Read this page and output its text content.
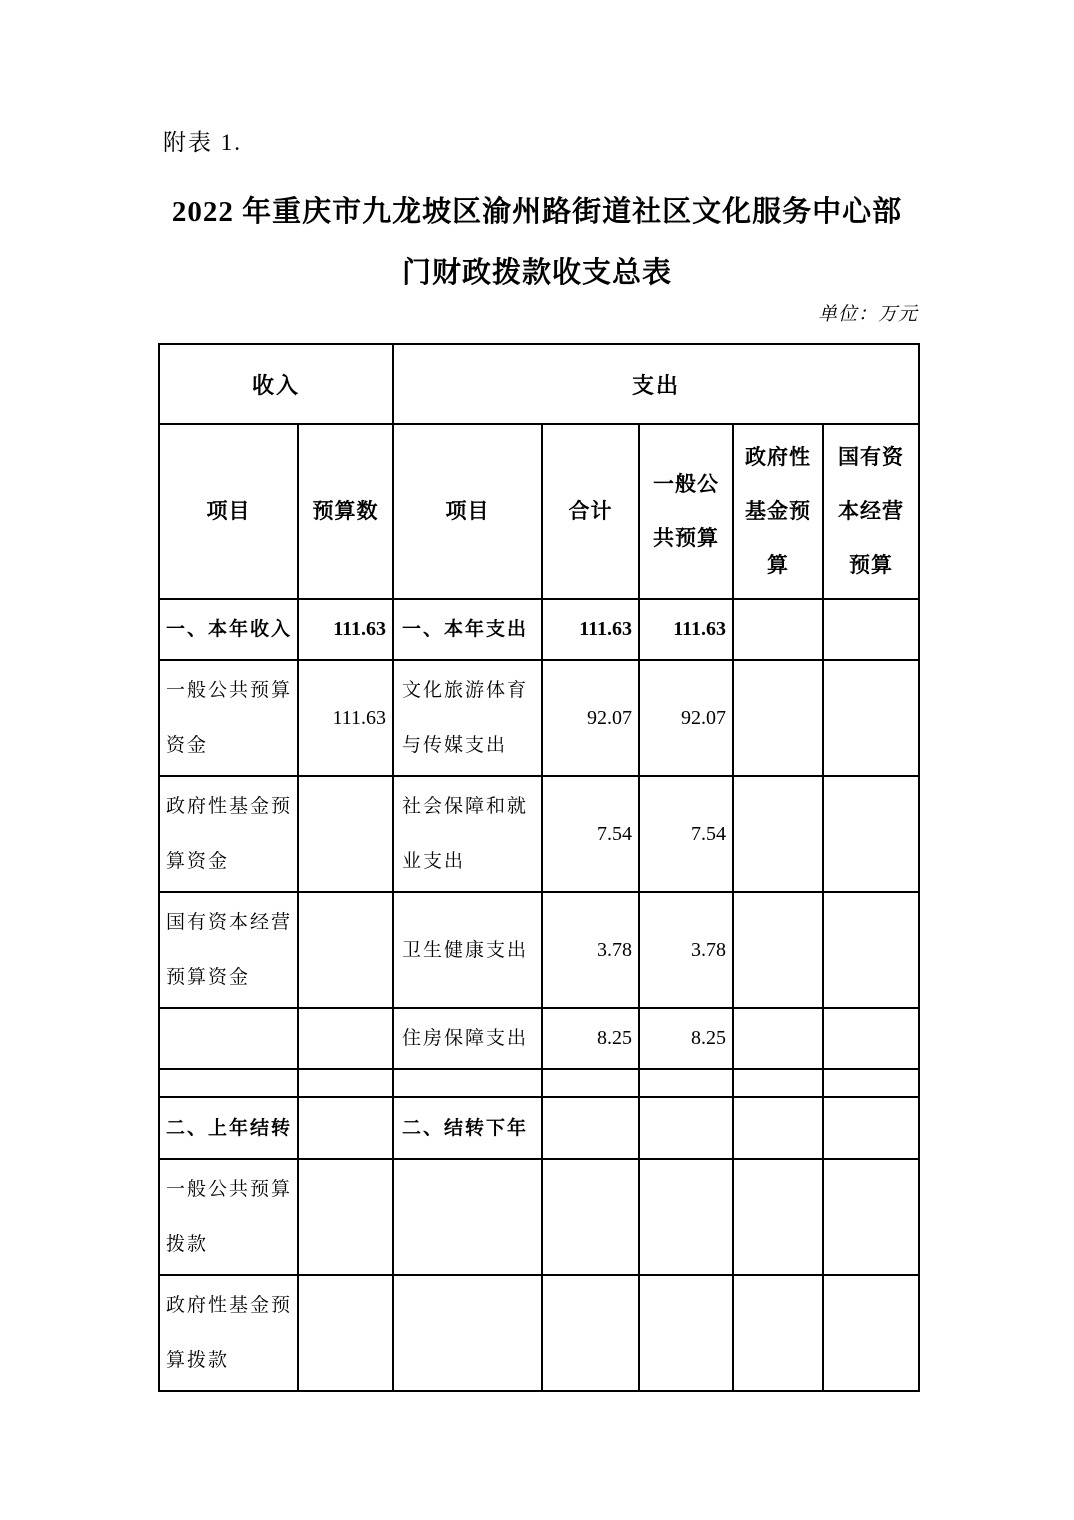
附表 1.
2022 年重庆市九龙坡区渝州路街道社区文化服务中心部
门财政拨款收支总表
单位：万元
收入		支出				
项目	预算数	项目	合计	一般公共预算	政府性基金预算	国有资本经营预算
一、本年收入	111.63	一、本年支出	111.63	111.63		
一般公共预算资金	111.63	文化旅游体育与传媒支出	92.07	92.07		
政府性基金预算资金		社会保障和就业支出	7.54	7.54		
国有资本经营预算资金		卫生健康支出	3.78	3.78		
		住房保障支出	8.25	8.25		

二、上年结转		二、结转下年				
一般公共预算拨款						
政府性基金预算拨款						
